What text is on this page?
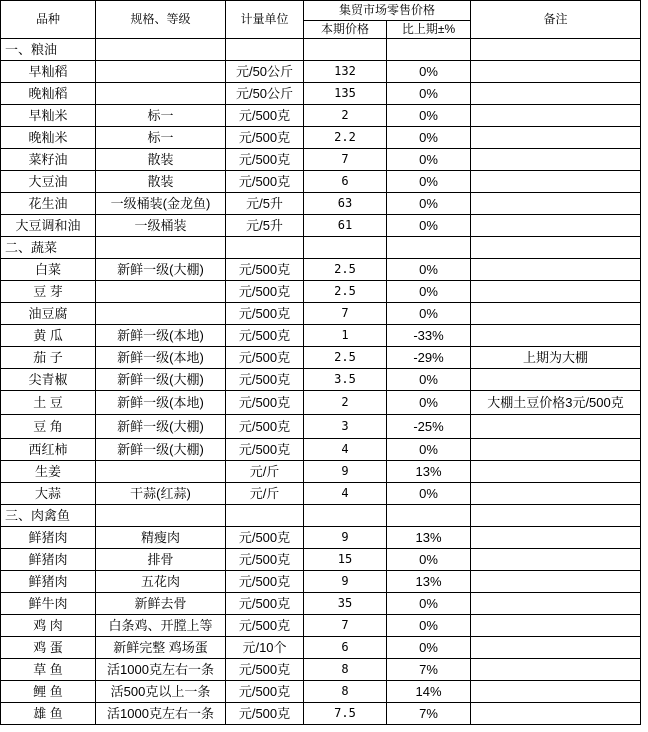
品种	规格、等级	计量单位	集贸市场零售价格		备注
			本期价格	比上期±%	
一、粮油					
早籼稻		元/50公斤	132	0%	
晚籼稻		元/50公斤	135	0%	
早籼米	标一	元/500克	2	0%	
晚籼米	标一	元/500克	2.2	0%	
菜籽油	散装	元/500克	7	0%	
大豆油	散装	元/500克	6	0%	
花生油	一级桶装(金龙鱼)	元/5升	63	0%	
大豆调和油	一级桶装	元/5升	61	0%	
二、蔬菜					
白菜	新鲜一级(大棚)	元/500克	2.5	0%	
豆 芽		元/500克	2.5	0%	
油豆腐		元/500克	7	0%	
黄 瓜	新鲜一级(本地)	元/500克	1	-33%	
茄 子	新鲜一级(本地)	元/500克	2.5	-29%	上期为大棚
尖青椒	新鲜一级(大棚)	元/500克	3.5	0%	
土 豆	新鲜一级(本地)	元/500克	2	0%	大棚土豆价格3元/500克
豆 角	新鲜一级(大棚)	元/500克	3	-25%	
西红柿	新鲜一级(大棚)	元/500克	4	0%	
生姜		元/斤	9	13%	
大蒜	干蒜(红蒜)	元/斤	4	0%	
三、肉禽鱼					
鲜猪肉	精瘦肉	元/500克	9	13%	
鲜猪肉	排骨	元/500克	15	0%	
鲜猪肉	五花肉	元/500克	9	13%	
鲜牛肉	新鲜去骨	元/500克	35	0%	
鸡 肉	白条鸡、开膛上等	元/500克	7	0%	
鸡 蛋	新鲜完整 鸡场蛋	元/10个	6	0%	
草 鱼	活1000克左右一条	元/500克	8	7%	
鲤 鱼	活500克以上一条	元/500克	8	14%	
雄 鱼	活1000克左右一条	元/500克	7.5	7%	
